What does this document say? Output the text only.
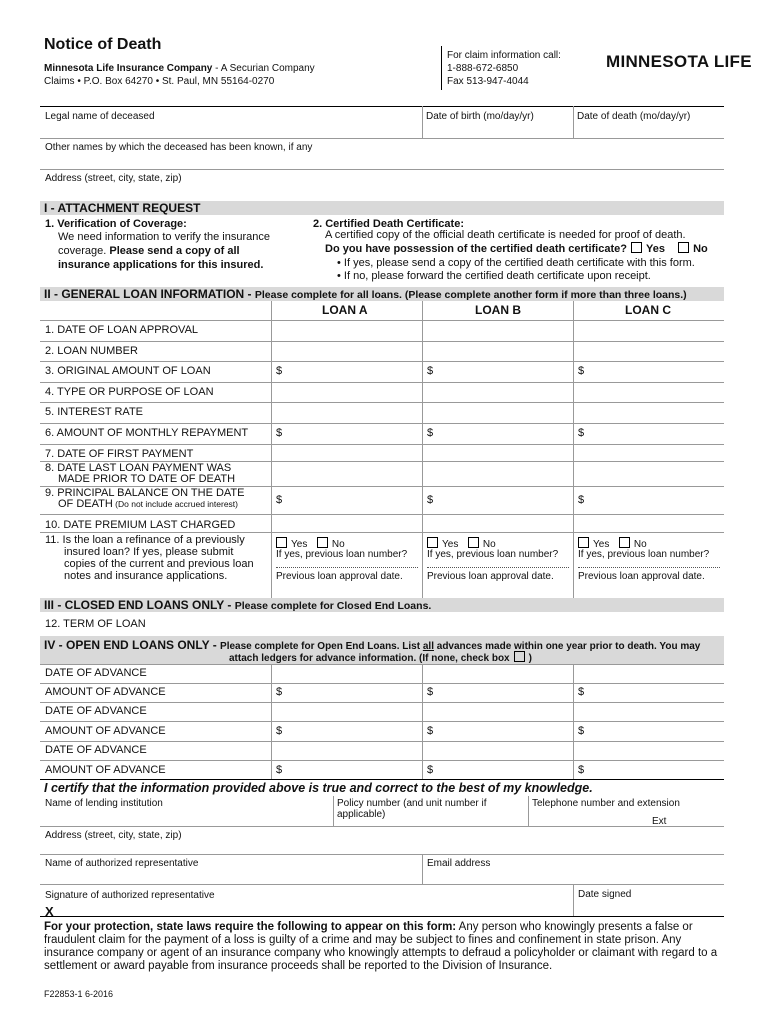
Notice of Death
Minnesota Life Insurance Company - A Securian Company
Claims • P.O. Box 64270 • St. Paul, MN 55164-0270
For claim information call:
1-888-672-6850
Fax 513-947-4044
MINNESOTA LIFE
Legal name of deceased	Date of birth (mo/day/yr)	Date of death (mo/day/yr)
Other names by which the deceased has been known, if any
Address (street, city, state, zip)
I - ATTACHMENT REQUEST
1. Verification of Coverage:
We need information to verify the insurance
coverage. Please send a copy of all
insurance applications for this insured.
2. Certified Death Certificate:
A certified copy of the official death certificate is needed for proof of death.
Do you have possession of the certified death certificate? Yes	No
• If yes, please send a copy of the certified death certificate with this form.
• If no, please forward the certified death certificate upon receipt.
II - GENERAL LOAN INFORMATION - Please complete for all loans. (Please complete another form if more than three loans.)
LOAN A	LOAN B	LOAN C
1. DATE OF LOAN APPROVAL
2. LOAN NUMBER
3. ORIGINAL AMOUNT OF LOAN	$	$	$
4. TYPE OR PURPOSE OF LOAN
5. INTEREST RATE
6. AMOUNT OF MONTHLY REPAYMENT	$	$	$
7. DATE OF FIRST PAYMENT
8. DATE LAST LOAN PAYMENT WAS
MADE PRIOR TO DATE OF DEATH
9. PRINCIPAL BALANCE ON THE DATE
OF DEATH (Do not include accrued interest)	$	$	$
10. DATE PREMIUM LAST CHARGED
11. Is the loan a refinance of a previously
insured loan? If yes, please submit
copies of the current and previous loan
notes and insurance applications.
Yes No
If yes, previous loan number?
Previous loan approval date.
Yes No
If yes, previous loan number?
Previous loan approval date.
Yes No
If yes, previous loan number?
Previous loan approval date.
III - CLOSED END LOANS ONLY - Please complete for Closed End Loans.
12. TERM OF LOAN
IV - OPEN END LOANS ONLY - Please complete for Open End Loans. List all advances made within one year prior to death. You may
attach ledgers for advance information. (If none, check box )
DATE OF ADVANCE
AMOUNT OF ADVANCE	$	$	$
DATE OF ADVANCE
AMOUNT OF ADVANCE	$	$	$
DATE OF ADVANCE
AMOUNT OF ADVANCE	$	$	$
I certify that the information provided above is true and correct to the best of my knowledge.
Name of lending institution	Policy number (and unit number if
applicable)
Telephone number and extension
Ext
Address (street, city, state, zip)
Name of authorized representative	Email address
Signature of authorized representative
X
Date signed
For your protection, state laws require the following to appear on this form: Any person who knowingly presents a false or
fraudulent claim for the payment of a loss is guilty of a crime and may be subject to fines and confinement in state prison. Any
insurance company or agent of an insurance company who knowingly attempts to defraud a policyholder or claimant with regard to a
settlement or award payable from insurance proceeds shall be reported to the Division of Insurance.
F22853-1 6-2016
